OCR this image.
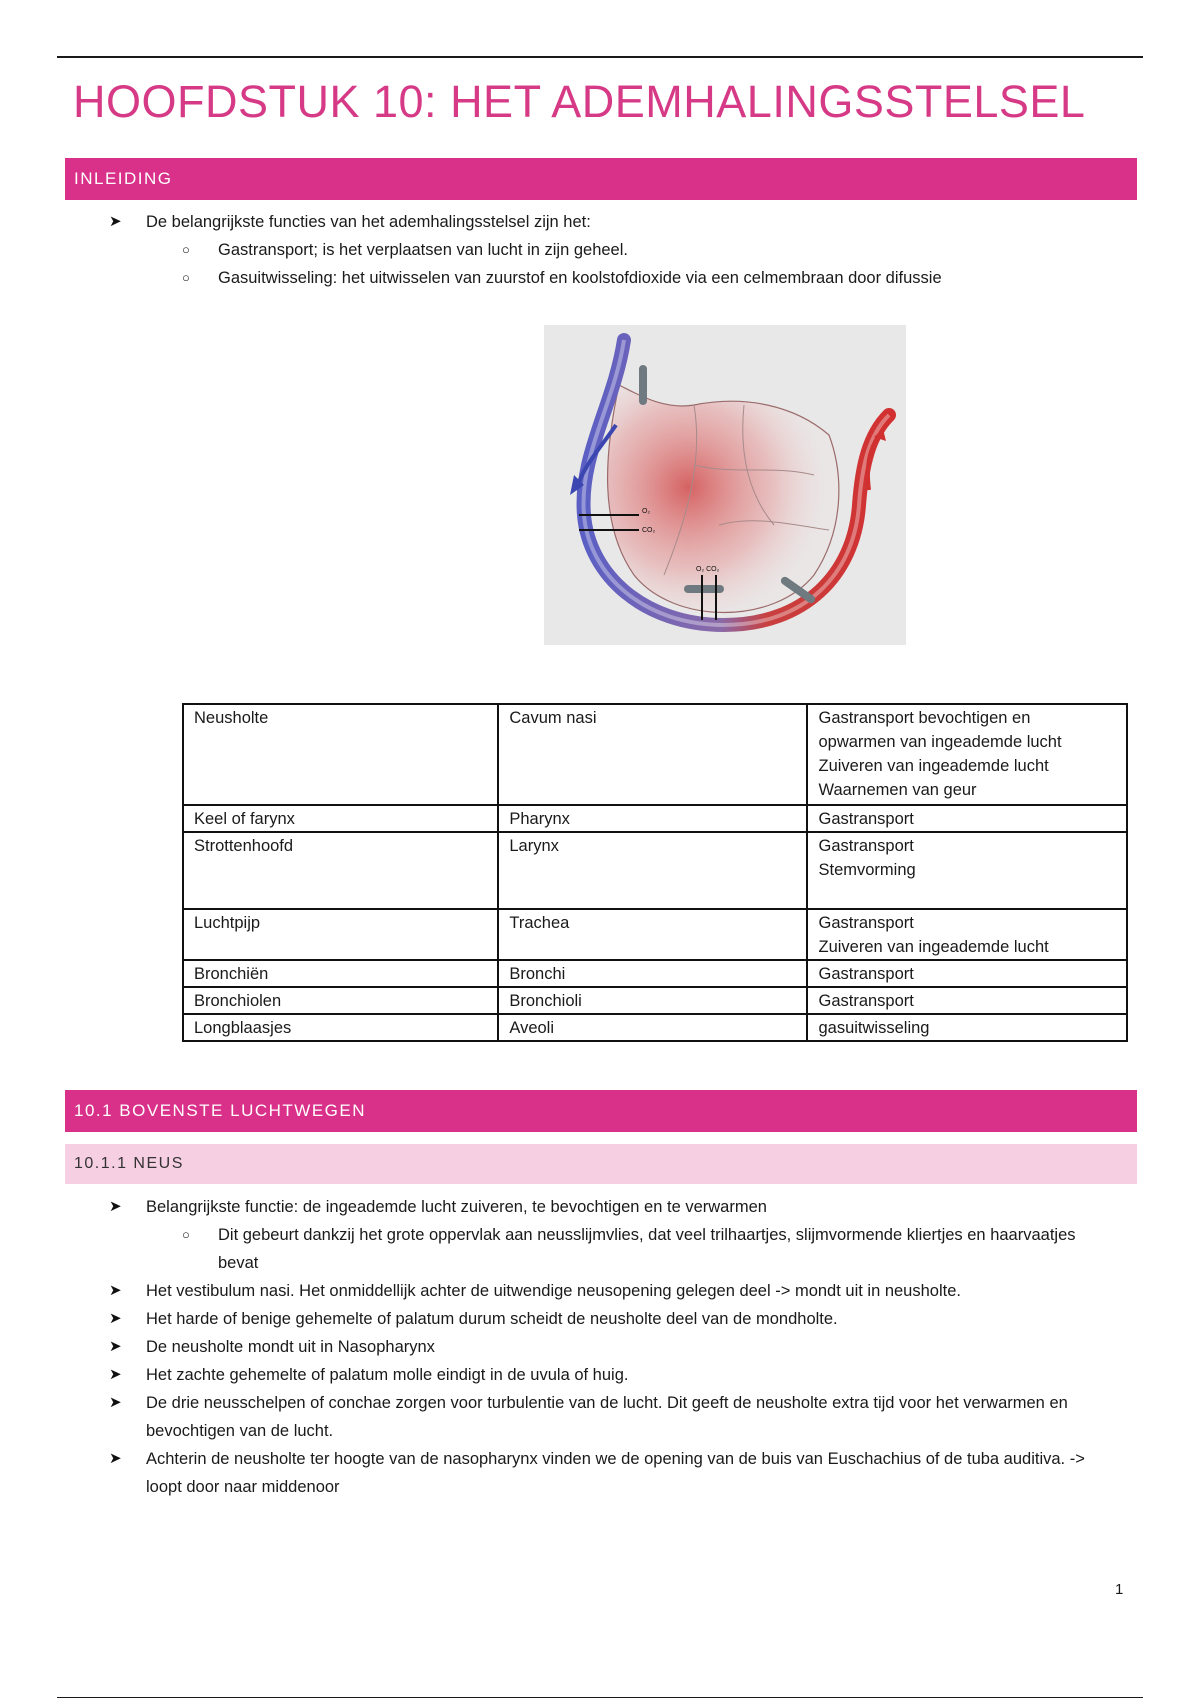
HOOFDSTUK 10: HET ADEMHALINGSSTELSEL
INLEIDING
➤ De belangrijkste functies van het ademhalingsstelsel zijn het:
○ Gastransport; is het verplaatsen van lucht in zijn geheel.
○ Gasuitwisseling: het uitwisselen van zuurstof en koolstofdioxide via een celmembraan door difussie
O₂
CO₂
O₂ CO₂
Neusholte	Cavum nasi	Gastransport bevochtigen en
opwarmen van ingeademde lucht
Zuiveren van ingeademde lucht
Waarnemen van geur

Keel of farynx	Pharynx	Gastransport

Strottenhoofd	Larynx	Gastransport
Stemvorming

Luchtpijp	Trachea	Gastransport
Zuiveren van ingeademde lucht

Bronchiën	Bronchi	Gastransport

Bronchiolen	Bronchioli	Gastransport

Longblaasjes	Aveoli	gasuitwisseling
10.1 BOVENSTE LUCHTWEGEN
10.1.1 NEUS
➤ Belangrijkste functie: de ingeademde lucht zuiveren, te bevochtigen en te verwarmen
○ Dit gebeurt dankzij het grote oppervlak aan neusslijmvlies, dat veel trilhaartjes, slijmvormende kliertjes en haarvaatjes bevat
➤ Het vestibulum nasi. Het onmiddellijk achter de uitwendige neusopening gelegen deel -> mondt uit in neusholte.
➤ Het harde of benige gehemelte of palatum durum scheidt de neusholte deel van de mondholte.
➤ De neusholte mondt uit in Nasopharynx
➤ Het zachte gehemelte of palatum molle eindigt in de uvula of huig.
➤ De drie neusschelpen of conchae zorgen voor turbulentie van de lucht. Dit geeft de neusholte extra tijd voor het verwarmen en bevochtigen van de lucht.
➤ Achterin de neusholte ter hoogte van de nasopharynx vinden we de opening van de buis van Euschachius of de tuba auditiva. -> loopt door naar middenoor
1
